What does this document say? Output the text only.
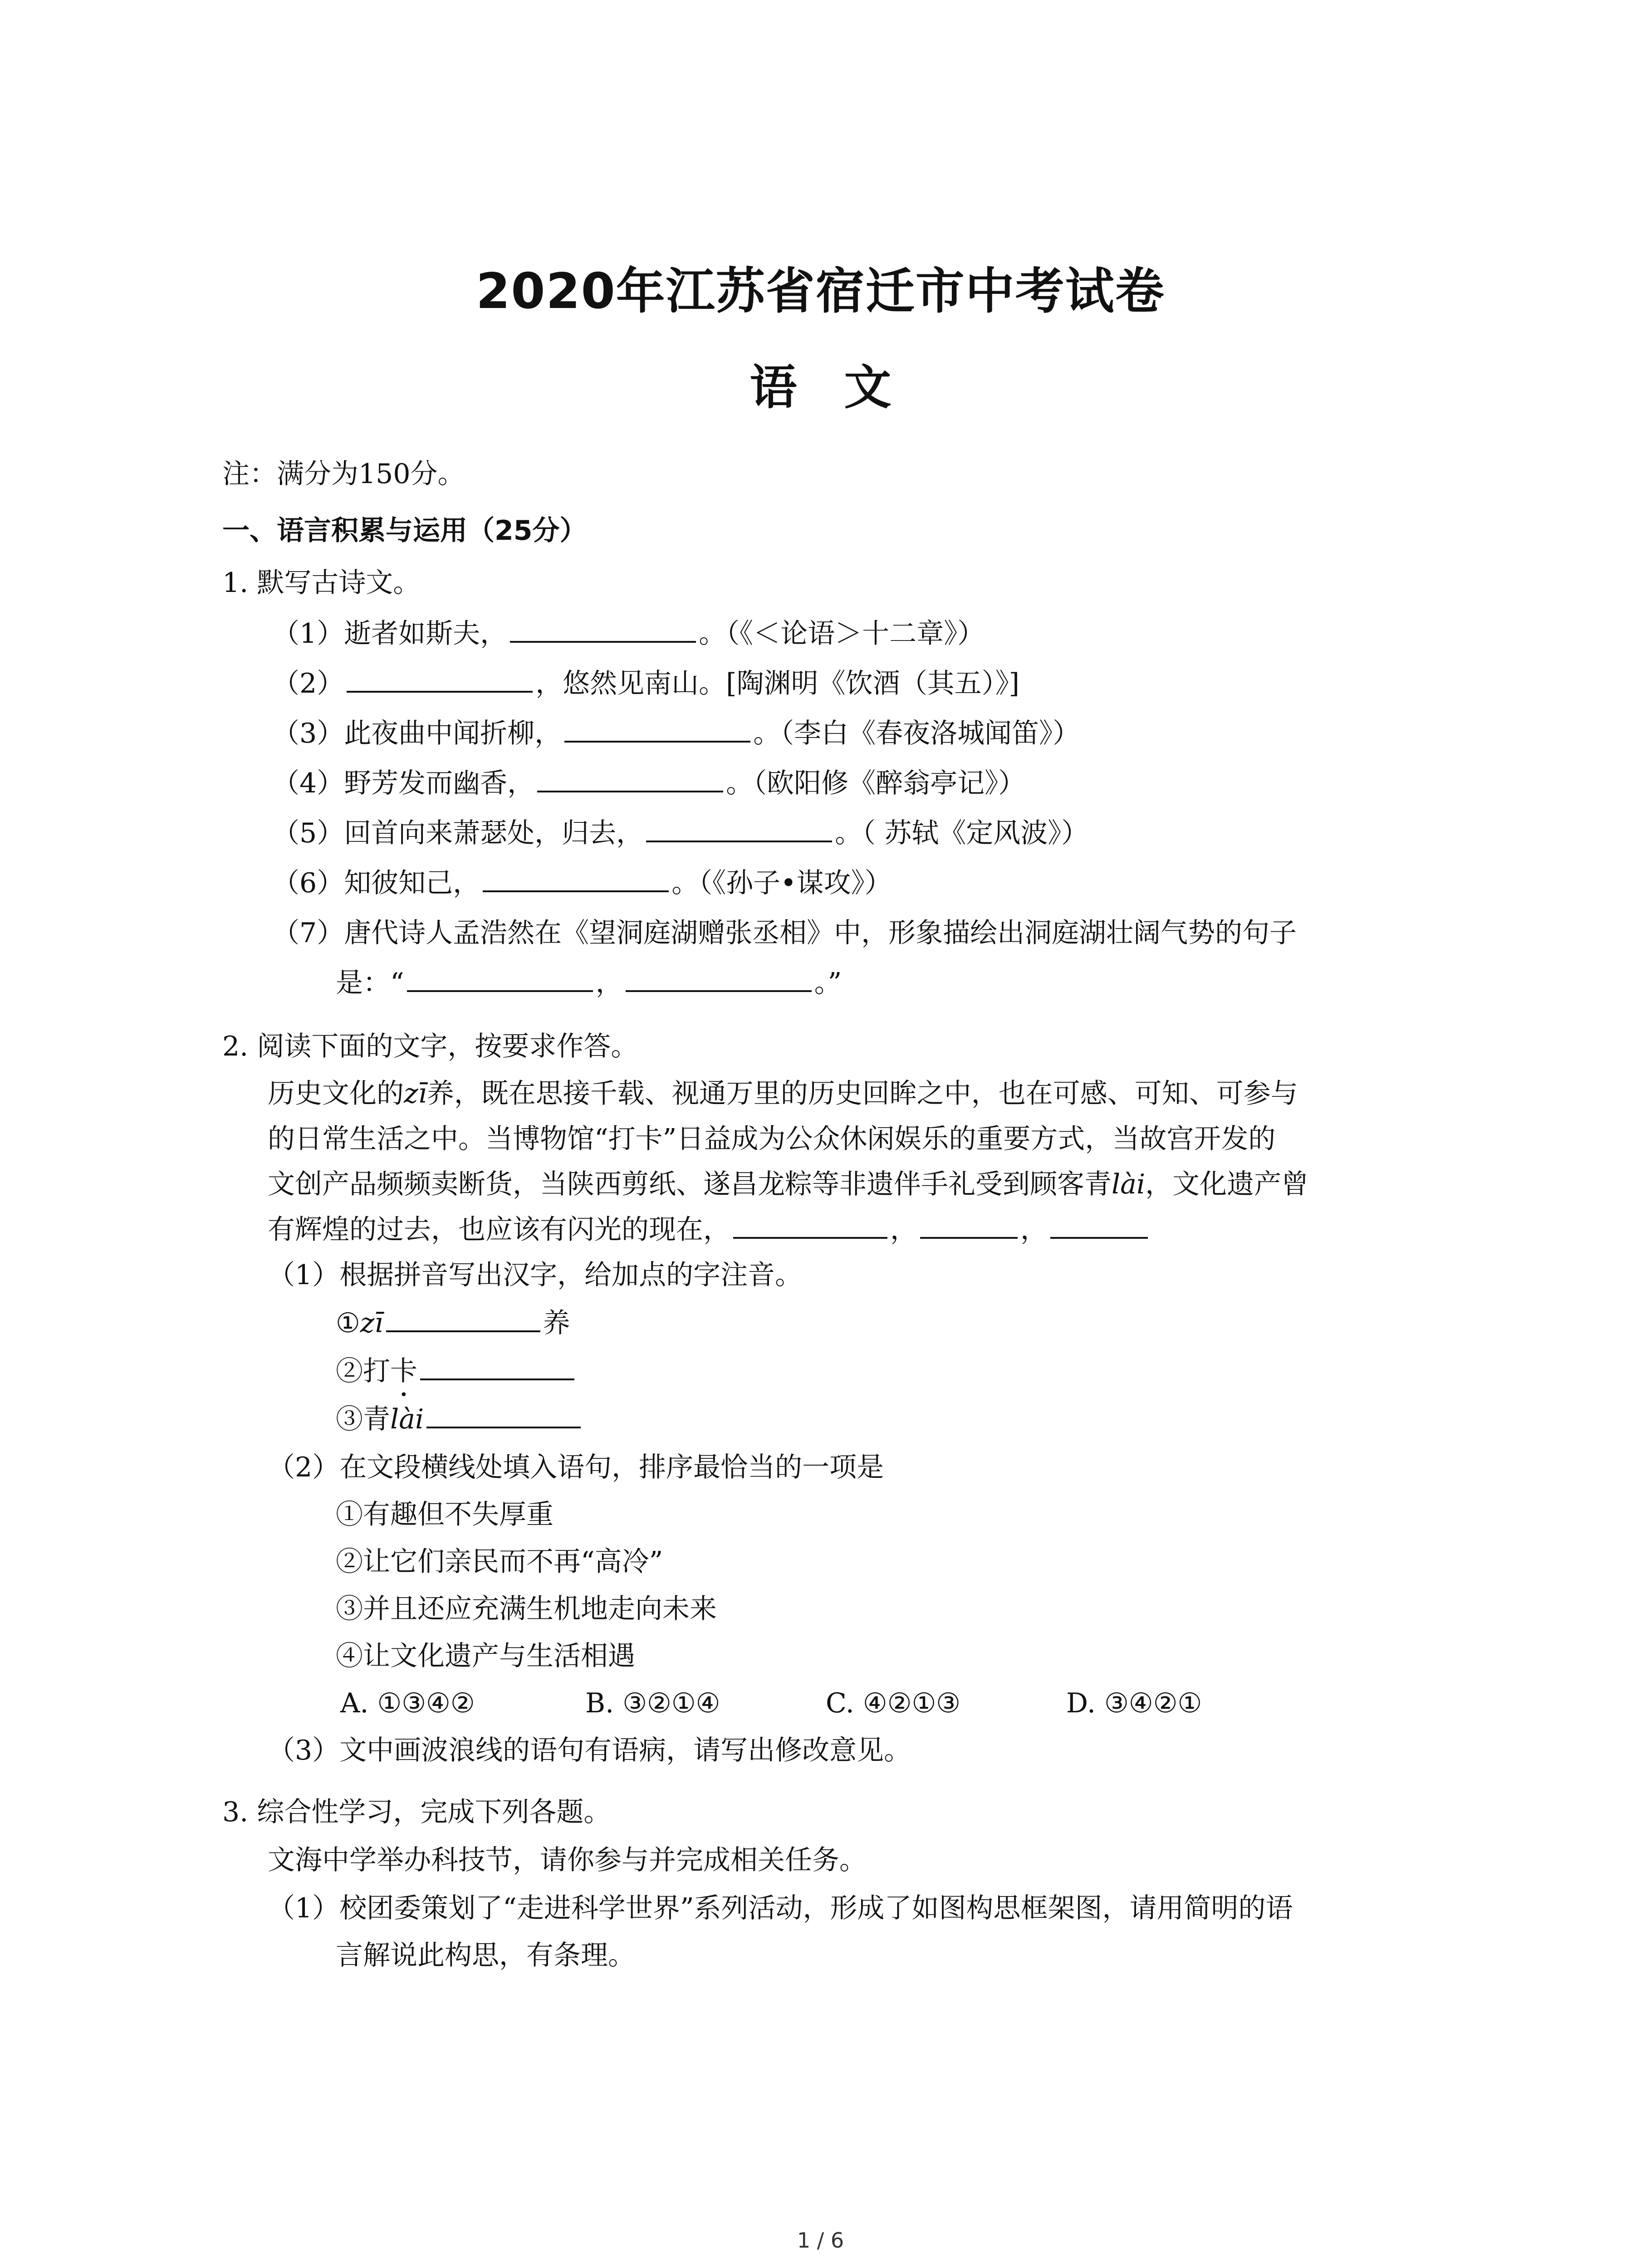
2020年江苏省宿迁市中考试卷
语　文
注：满分为150分。
一、语言积累与运用（25分）
1. 默写古诗文。
（1）逝者如斯夫，	。（《＜论语＞十二章》）
（2）	，悠然见南山。[陶渊明《饮酒（其五）》]
（3）此夜曲中闻折柳，	。（李白《春夜洛城闻笛》）
（4）野芳发而幽香，	。（欧阳修《醉翁亭记》）
（5）回首向来萧瑟处，归去，	。（ 苏轼《定风波》）
（6）知彼知己，	。（《孙子•谋攻》）
（7）唐代诗人孟浩然在《望洞庭湖赠张丞相》中，形象描绘出洞庭湖壮阔气势的句子
是：“	，	。”
2. 阅读下面的文字，按要求作答。
历史文化的zī养，既在思接千载、视通万里的历史回眸之中，也在可感、可知、可参与
的日常生活之中。当博物馆“打卡”日益成为公众休闲娱乐的重要方式，当故宫开发的
文创产品频频卖断货，当陕西剪纸、遂昌龙粽等非遗伴手礼受到顾客青lài，文化遗产曾
有辉煌的过去，也应该有闪光的现在，	，	，
（1）根据拼音写出汉字，给加点的字注音。
①zī	养
②打卡
③青lài
（2）在文段横线处填入语句，排序最恰当的一项是
①有趣但不失厚重
②让它们亲民而不再“高冷”
③并且还应充满生机地走向未来
④让文化遗产与生活相遇
A. ①③④②	B. ③②①④	C. ④②①③	D. ③④②①
（3）文中画波浪线的语句有语病，请写出修改意见。
3. 综合性学习，完成下列各题。
文海中学举办科技节，请你参与并完成相关任务。
（1）校团委策划了“走进科学世界”系列活动，形成了如图构思框架图，请用简明的语
言解说此构思，有条理。
1 / 6
